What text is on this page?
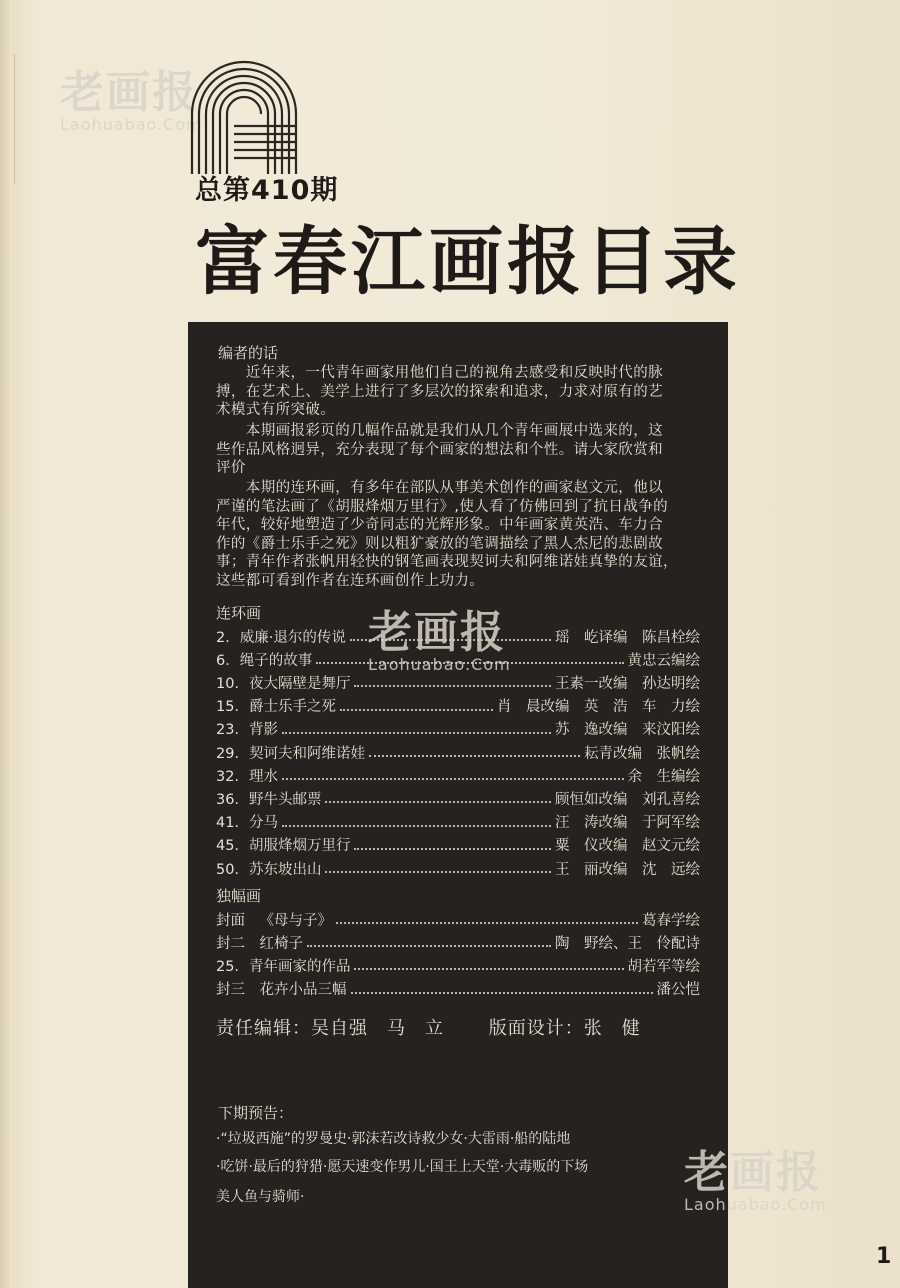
老画报
Laohuabao.Com
总第410期
富春江画报目录
编者的话
　　近年来，一代青年画家用他们自己的视角去感受和反映时代的脉
搏，在艺术上、美学上进行了多层次的探索和追求，力求对原有的艺
术模式有所突破。
　　本期画报彩页的几幅作品就是我们从几个青年画展中选来的，这
些作品风格迥异，充分表现了每个画家的想法和个性。请大家欣赏和
评价
　　本期的连环画，有多年在部队从事美术创作的画家赵文元，他以
严谨的笔法画了《胡服烽烟万里行》,使人看了仿佛回到了抗日战争的
年代，较好地塑造了少奇同志的光辉形象。中年画家黄英浩、车力合
作的《爵士乐手之死》则以粗犷豪放的笔调描绘了黑人杰尼的悲剧故
事；青年作者张帆用轻快的钢笔画表现契诃夫和阿维诺娃真挚的友谊，
这些都可看到作者在连环画创作上功力。
连环画
2． 威廉·退尔的传说	瑶　屹译编　陈昌栓绘
6． 绳子的故事	黄忠云编绘
10． 夜大隔壁是舞厅	王素一改编　孙达明绘
15． 爵士乐手之死	肖　晨改编　英　浩　车　力绘
23． 背影	苏　逸改编　来汶阳绘
29． 契诃夫和阿维诺娃	耘青改编　张帆绘
32． 理水	余　生编绘
36． 野牛头邮票	顾恒如改编　刘孔喜绘
41． 分马	汪　涛改编　于阿军绘
45． 胡服烽烟万里行	粟　仪改编　赵文元绘
50． 苏东坡出山	王　丽改编　沈　远绘
独幅画
封面　 《母与子》	葛春学绘
封二　 红椅子	陶　野绘、王　伶配诗
25． 青年画家的作品	胡若军等绘
封三　 花卉小品三幅	潘公恺
责任编辑：吴自强　马　立 版面设计：张　健
下期预告：
·“垃圾西施”的罗曼史·郭沫若改诗救少女·大雷雨·船的陆地
·吃饼·最后的狩猎·愿天速变作男儿·国王上天堂·大毒贩的下场
美人鱼与骑师·
老画报
Laohuabao.Com
老画报
Laohuabao.Com
1
